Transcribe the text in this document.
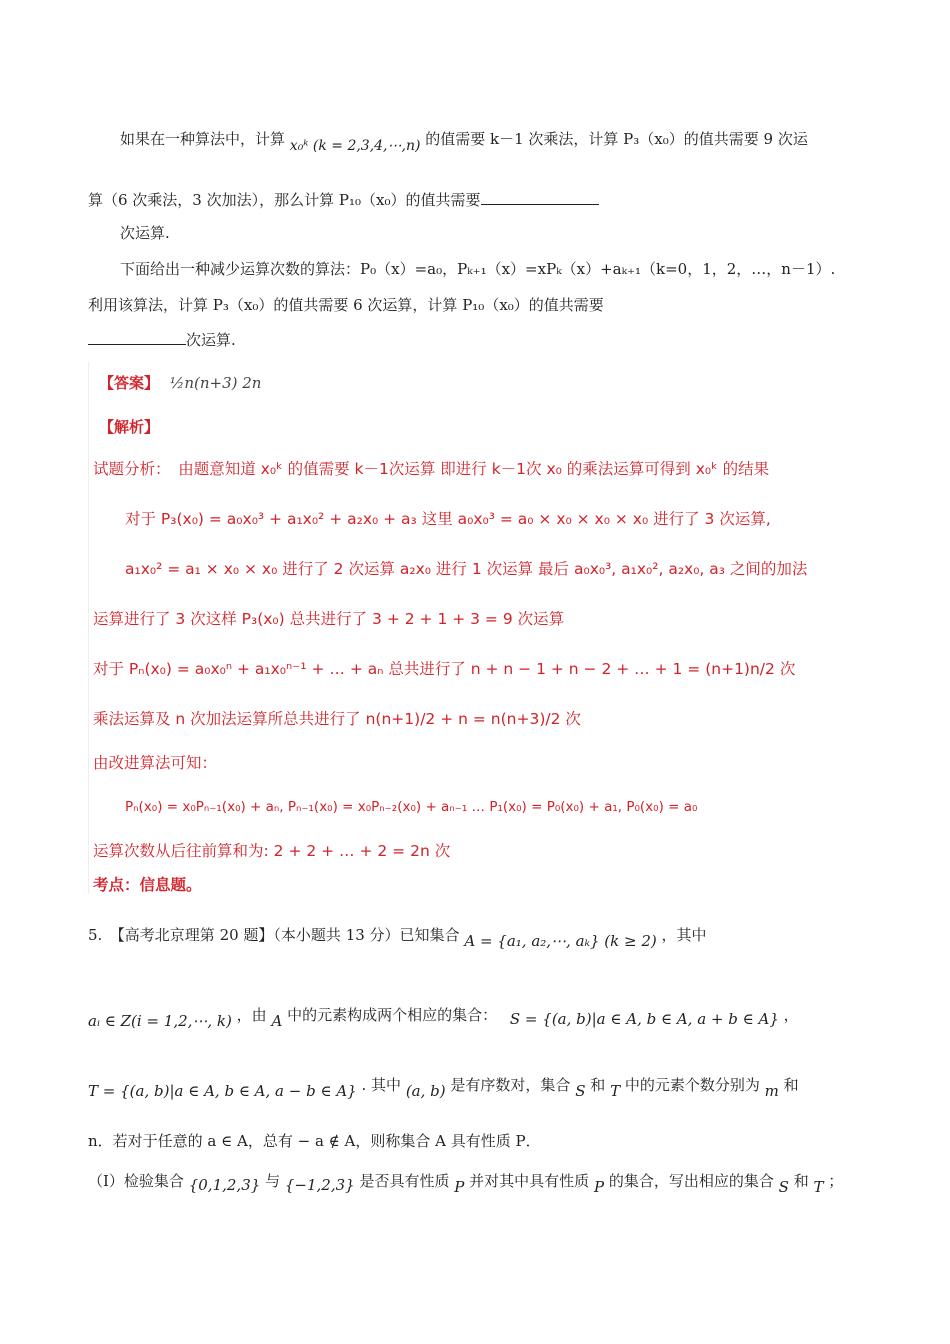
如果在一种算法中，计算 x₀ᵏ (k = 2,3,4,⋯,n) 的值需要 k－1 次乘法，计算 P₃（x₀）的值共需要 9 次运
算（6 次乘法，3 次加法），那么计算 P₁₀（x₀）的值共需要
次运算.
下面给出一种减少运算次数的算法：P₀（x）=a₀，Pₖ₊₁（x）=xPₖ（x）+aₖ₊₁（k=0，1，2，…，n－1）.
利用该算法，计算 P₃（x₀）的值共需要 6 次运算，计算 P₁₀（x₀）的值共需要
次运算.
【答案】 ½n(n+3) 2n
【解析】
试题分析：　由题意知道 x₀ᵏ 的值需要 k－1次运算 即进行 k－1次 x₀ 的乘法运算可得到 x₀ᵏ 的结果
对于 P₃(x₀) = a₀x₀³ + a₁x₀² + a₂x₀ + a₃ 这里 a₀x₀³ = a₀ × x₀ × x₀ × x₀ 进行了 3 次运算,
a₁x₀² = a₁ × x₀ × x₀ 进行了 2 次运算 a₂x₀ 进行 1 次运算 最后 a₀x₀³, a₁x₀², a₂x₀, a₃ 之间的加法
运算进行了 3 次这样 P₃(x₀) 总共进行了 3 + 2 + 1 + 3 = 9 次运算
对于 Pₙ(x₀) = a₀x₀ⁿ + a₁x₀ⁿ⁻¹ + … + aₙ 总共进行了 n + n − 1 + n − 2 + … + 1 = (n+1)n/2 次
乘法运算及 n 次加法运算所总共进行了 n(n+1)/2 + n = n(n+3)/2 次
由改进算法可知：
Pₙ(x₀) = x₀Pₙ₋₁(x₀) + aₙ, Pₙ₋₁(x₀) = x₀Pₙ₋₂(x₀) + aₙ₋₁ … P₁(x₀) = P₀(x₀) + a₁, P₀(x₀) = a₀
运算次数从后往前算和为: 2 + 2 + … + 2 = 2n 次
考点：信息题。
5.　【高考北京理第 20 题】（本小题共 13 分）已知集合 A = {a₁, a₂,⋯, aₖ} (k ≥ 2) ，其中
aᵢ ∈ Z(i = 1,2,⋯, k) ，由 A 中的元素构成两个相应的集合： S = {(a, b)|a ∈ A, b ∈ A, a + b ∈ A} ，
T = {(a, b)|a ∈ A, b ∈ A, a − b ∈ A} . 其中 (a, b) 是有序数对，集合 S 和 T 中的元素个数分别为 m 和
n．若对于任意的 a ∈ A，总有 − a ∉ A，则称集合 A 具有性质 P．
（I）检验集合 {0,1,2,3} 与 {−1,2,3} 是否具有性质 P 并对其中具有性质 P 的集合，写出相应的集合 S 和 T ；
